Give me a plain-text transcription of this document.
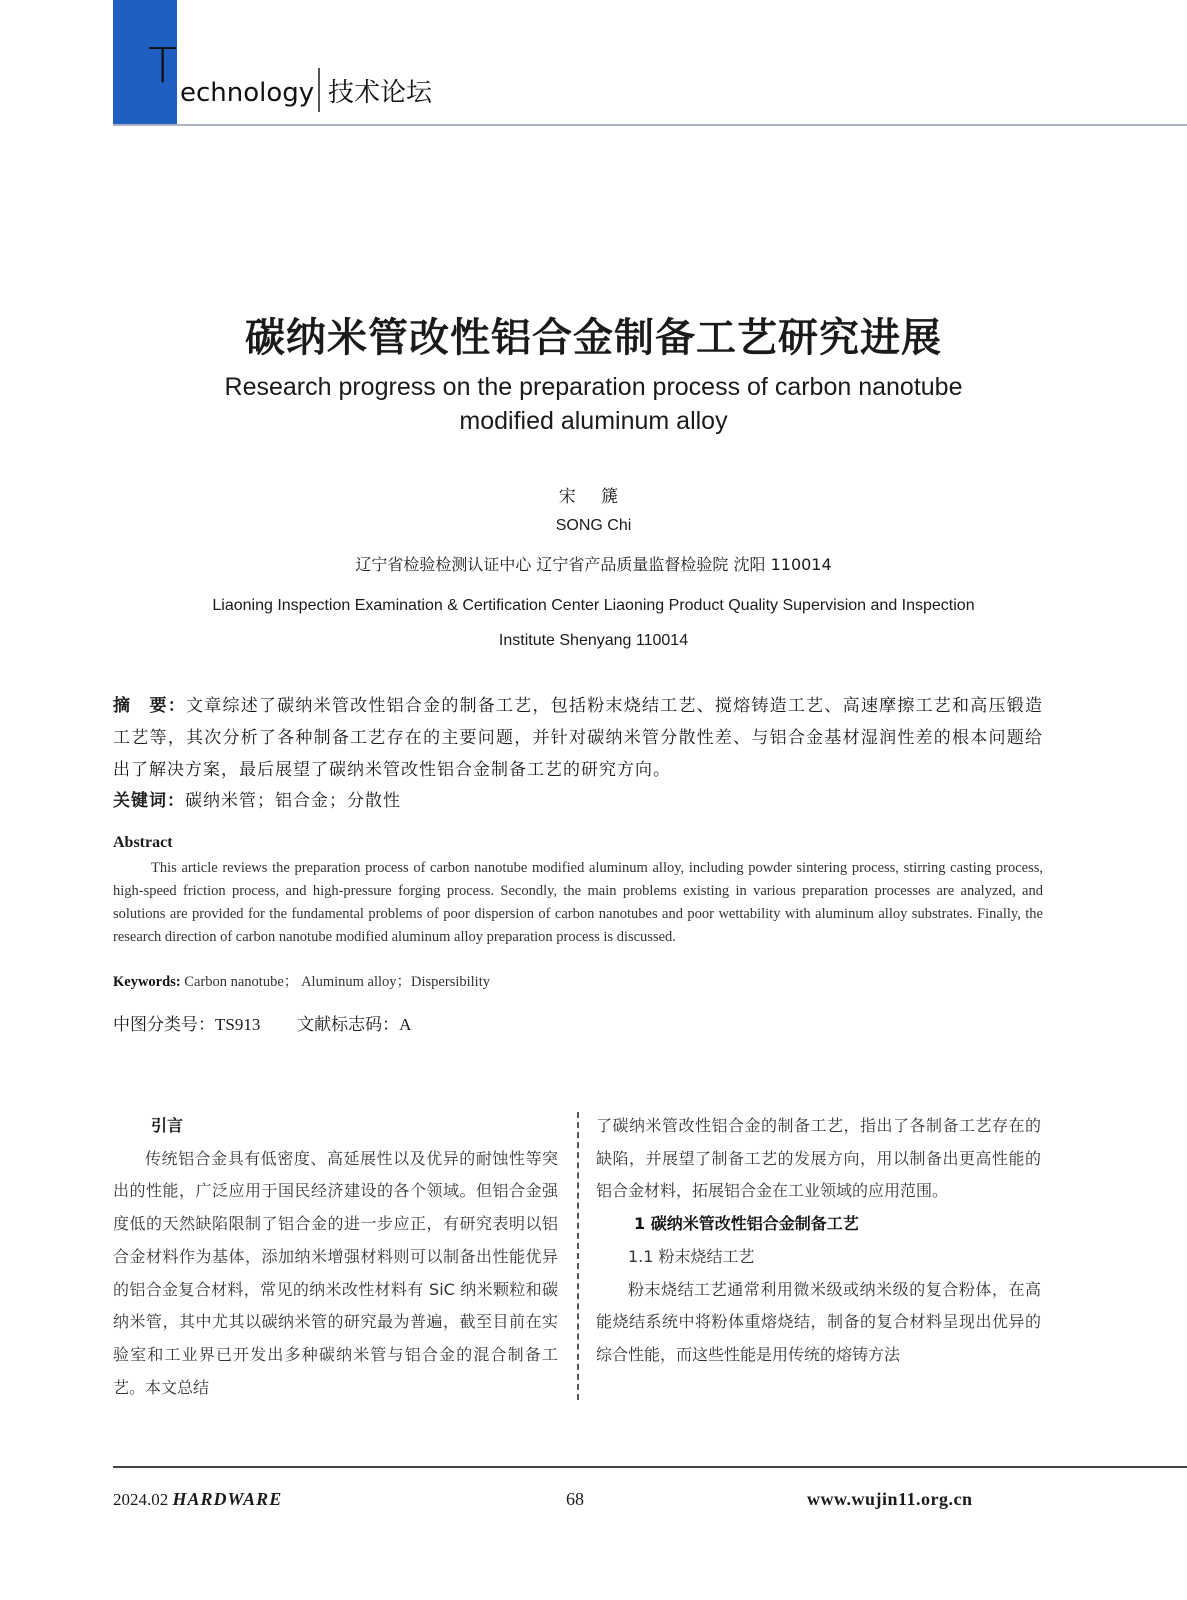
T echnology 技术论坛
碳纳米管改性铝合金制备工艺研究进展
Research progress on the preparation process of carbon nanotube modified aluminum alloy
宋 篪
SONG Chi
辽宁省检验检测认证中心 辽宁省产品质量监督检验院 沈阳 110014
Liaoning Inspection Examination & Certification Center Liaoning Product Quality Supervision and Inspection Institute Shenyang 110014
摘　要：文章综述了碳纳米管改性铝合金的制备工艺，包括粉末烧结工艺、搅熔铸造工艺、高速摩擦工艺和高压锻造工艺等，其次分析了各种制备工艺存在的主要问题，并针对碳纳米管分散性差、与铝合金基材湿润性差的根本问题给出了解决方案，最后展望了碳纳米管改性铝合金制备工艺的研究方向。
关键词：碳纳米管；铝合金；分散性
Abstract
This article reviews the preparation process of carbon nanotube modified aluminum alloy, including powder sintering process, stirring casting process, high-speed friction process, and high-pressure forging process. Secondly, the main problems existing in various preparation processes are analyzed, and solutions are provided for the fundamental problems of poor dispersion of carbon nanotubes and poor wettability with aluminum alloy substrates. Finally, the research direction of carbon nanotube modified aluminum alloy preparation process is discussed.
Keywords: Carbon nanotube； Aluminum alloy；Dispersibility
中图分类号：TS913 文献标志码：A
引言

传统铝合金具有低密度、高延展性以及优异的耐蚀性等突出的性能，广泛应用于国民经济建设的各个领域。但铝合金强度低的天然缺陷限制了铝合金的进一步应正，有研究表明以铝合金材料作为基体，添加纳米增强材料则可以制备出性能优异的铝合金复合材料，常见的纳米改性材料有 SiC 纳米颗粒和碳纳米管，其中尤其以碳纳米管的研究最为普遍，截至目前在实验室和工业界已开发出多种碳纳米管与铝合金的混合制备工艺。本文总结

了碳纳米管改性铝合金的制备工艺，指出了各制备工艺存在的缺陷，并展望了制备工艺的发展方向，用以制备出更高性能的铝合金材料，拓展铝合金在工业领域的应用范围。
1 碳纳米管改性铝合金制备工艺
1.1 粉末烧结工艺

粉末烧结工艺通常利用微米级或纳米级的复合粉体，在高能烧结系统中将粉体重熔烧结，制备的复合材料呈现出优异的综合性能，而这些性能是用传统的熔铸方法

2024.02 HARDWARE	68	www.wujin11.org.cn
